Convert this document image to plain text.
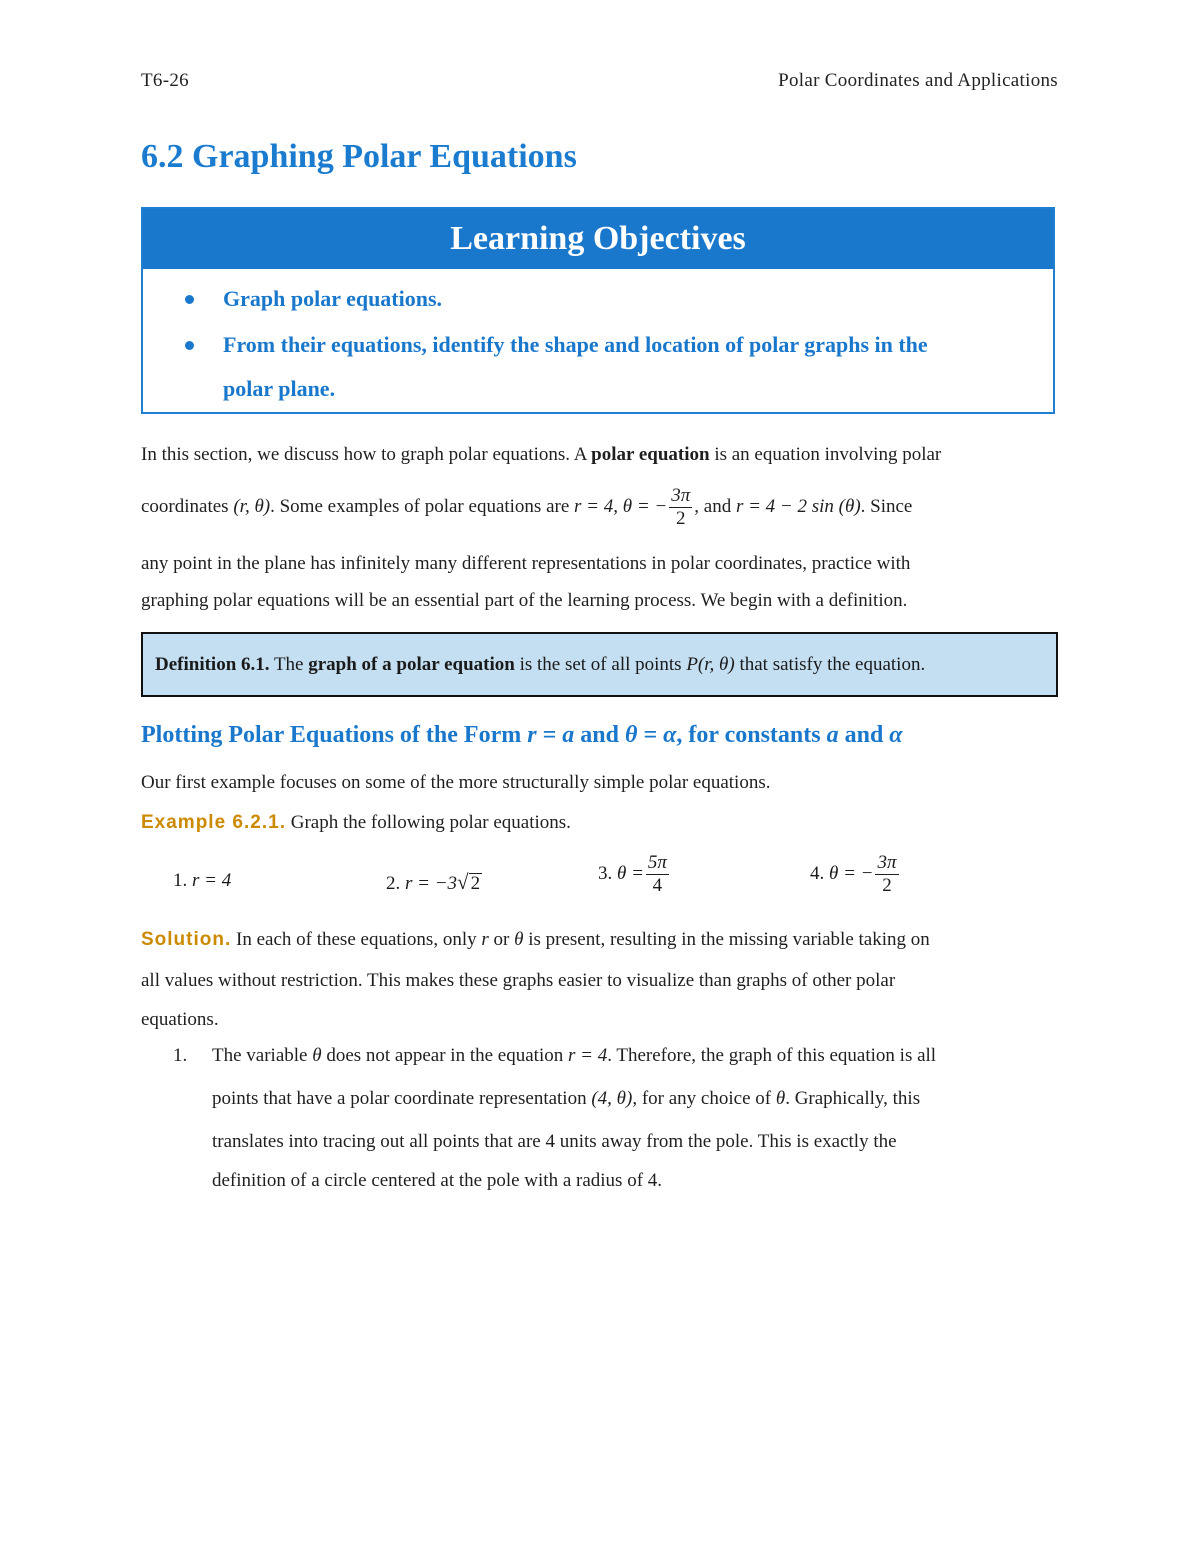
T6-26	Polar Coordinates and Applications
6.2 Graphing Polar Equations
Learning Objectives
Graph polar equations.
From their equations, identify the shape and location of polar graphs in the
polar plane.
In this section, we discuss how to graph polar equations. A polar equation is an equation involving polar
coordinates (r, θ). Some examples of polar equations are r = 4, θ = − $\frac{3\pi}{2}$ , and r = 4 − 2 sin (θ). Since
any point in the plane has infinitely many different representations in polar coordinates, practice with
graphing polar equations will be an essential part of the learning process. We begin with a definition.
Definition 6.1. The graph of a polar equation is the set of all points P(r, θ) that satisfy the equation.
Plotting Polar Equations of the Form r = a and θ = α, for constants a and α
Our first example focuses on some of the more structurally simple polar equations.
Example 6.2.1. Graph the following polar equations.
1. r = 4	2. r = −3√ 2	3. $\theta = \frac{5\pi}{4}$	4. θ = − $\frac{3\pi}{2}$
Solution. In each of these equations, only r or θ is present, resulting in the missing variable taking on
all values without restriction. This makes these graphs easier to visualize than graphs of other polar
equations.
1. The variable θ does not appear in the equation r = 4. Therefore, the graph of this equation is all
points that have a polar coordinate representation (4, θ), for any choice of θ. Graphically, this
translates into tracing out all points that are 4 units away from the pole. This is exactly the
definition of a circle centered at the pole with a radius of 4.
